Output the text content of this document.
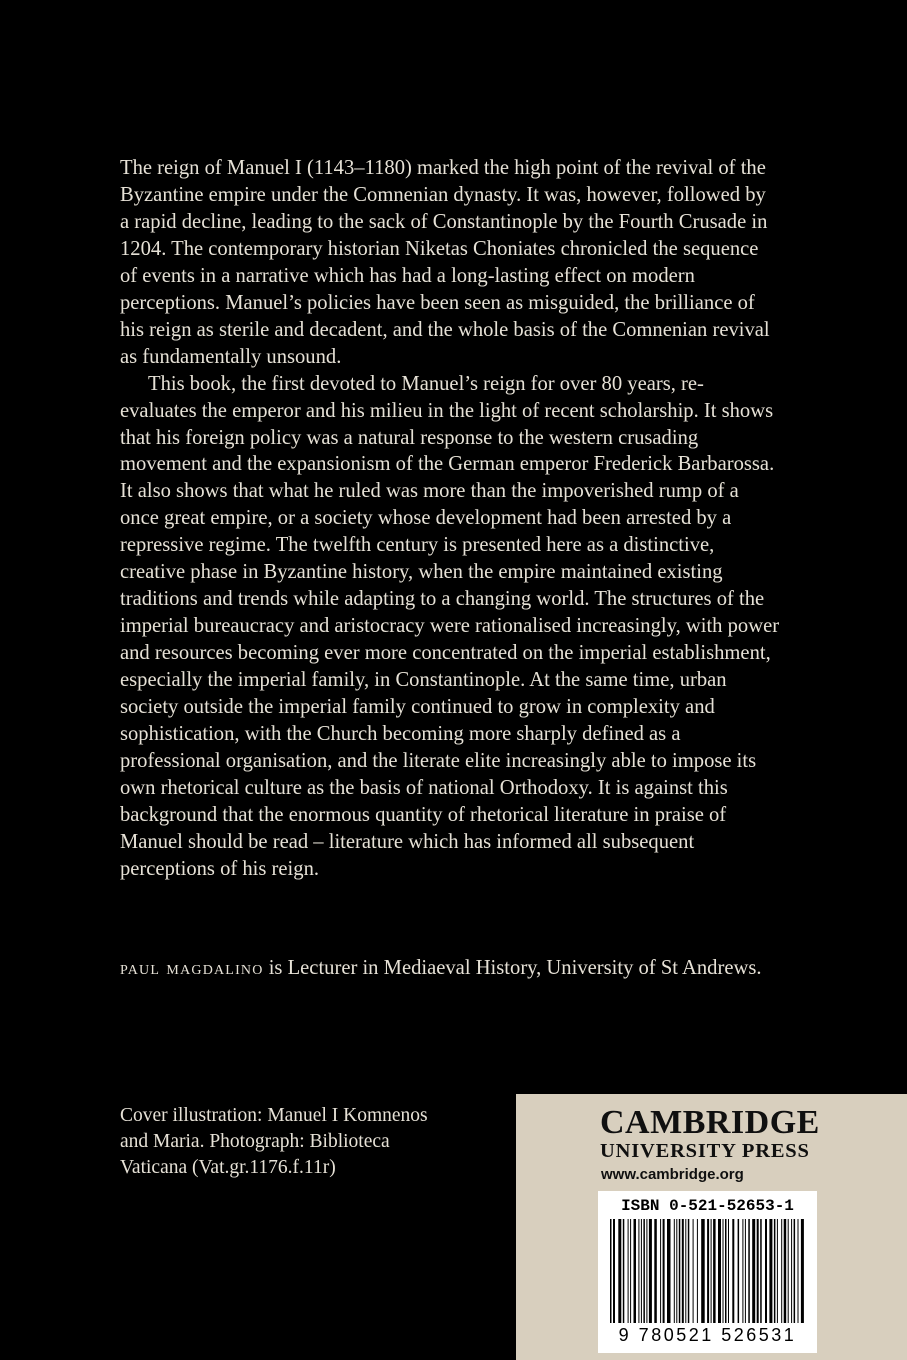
The reign of Manuel I (1143–1180) marked the high point of the revival of the Byzantine empire under the Comnenian dynasty. It was, however, followed by a rapid decline, leading to the sack of Constantinople by the Fourth Crusade in 1204. The contemporary historian Niketas Choniates chronicled the sequence of events in a narrative which has had a long-lasting effect on modern perceptions. Manuel’s policies have been seen as misguided, the brilliance of his reign as sterile and decadent, and the whole basis of the Comnenian revival as fundamentally unsound.

This book, the first devoted to Manuel’s reign for over 80 years, re-evaluates the emperor and his milieu in the light of recent scholarship. It shows that his foreign policy was a natural response to the western crusading movement and the expansionism of the German emperor Frederick Barbarossa. It also shows that what he ruled was more than the impoverished rump of a once great empire, or a society whose development had been arrested by a repressive regime. The twelfth century is presented here as a distinctive, creative phase in Byzantine history, when the empire maintained existing traditions and trends while adapting to a changing world. The structures of the imperial bureaucracy and aristocracy were rationalised increasingly, with power and resources becoming ever more concentrated on the imperial establishment, especially the imperial family, in Constantinople. At the same time, urban society outside the imperial family continued to grow in complexity and sophistication, with the Church becoming more sharply defined as a professional organisation, and the literate elite increasingly able to impose its own rhetorical culture as the basis of national Orthodoxy. It is against this background that the enormous quantity of rhetorical literature in praise of Manuel should be read – literature which has informed all subsequent perceptions of his reign.

paul magdalino is Lecturer in Mediaeval History, University of St Andrews.
Cover illustration: Manuel I Komnenos and Maria. Photograph: Biblioteca Vaticana (Vat.gr.1176.f.11r)
CAMBRIDGE
UNIVERSITY PRESS
www.cambridge.org
ISBN 0-521-52653-1
9 780521 526531
